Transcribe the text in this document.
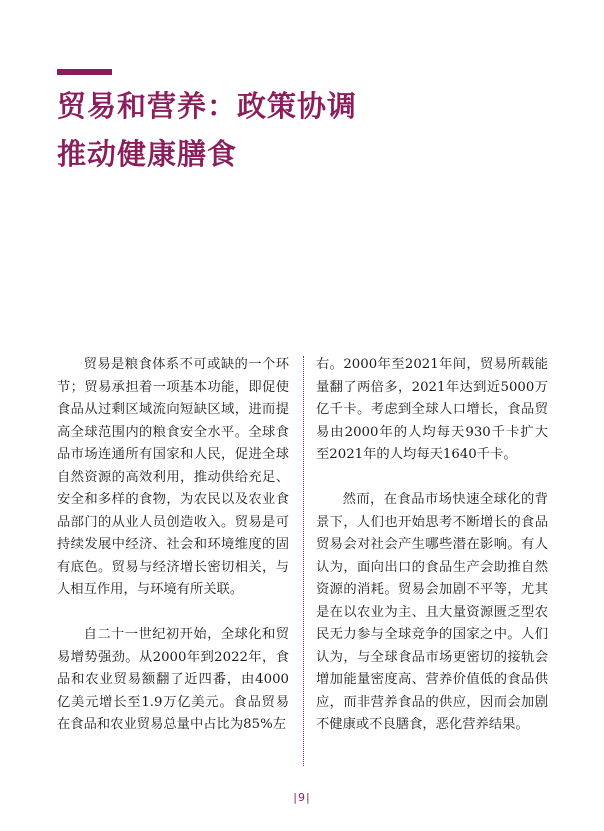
贸易和营养：政策协调
推动健康膳食

贸易是粮食体系不可或缺的一个环节；贸易承担着一项基本功能，即促使食品从过剩区域流向短缺区域，进而提高全球范围内的粮食安全水平。全球食品市场连通所有国家和人民，促进全球自然资源的高效利用，推动供给充足、安全和多样的食物，为农民以及农业食品部门的从业人员创造收入。贸易是可持续发展中经济、社会和环境维度的固有底色。贸易与经济增长密切相关，与人相互作用，与环境有所关联。

自二十一世纪初开始，全球化和贸易增势强劲。从2000年到2022年，食品和农业贸易额翻了近四番，由4000亿美元增长至1.9万亿美元。食品贸易在食品和农业贸易总量中占比为85%左

右。2000年至2021年间，贸易所载能量翻了两倍多，2021年达到近5000万亿千卡。考虑到全球人口增长，食品贸易由2000年的人均每天930千卡扩大至2021年的人均每天1640千卡。

然而，在食品市场快速全球化的背景下，人们也开始思考不断增长的食品贸易会对社会产生哪些潜在影响。有人认为，面向出口的食品生产会助推自然资源的消耗。贸易会加剧不平等，尤其是在以农业为主、且大量资源匮乏型农民无力参与全球竞争的国家之中。人们认为，与全球食品市场更密切的接轨会增加能量密度高、营养价值低的食品供应，而非营养食品的供应，因而会加剧不健康或不良膳食，恶化营养结果。

|9|
